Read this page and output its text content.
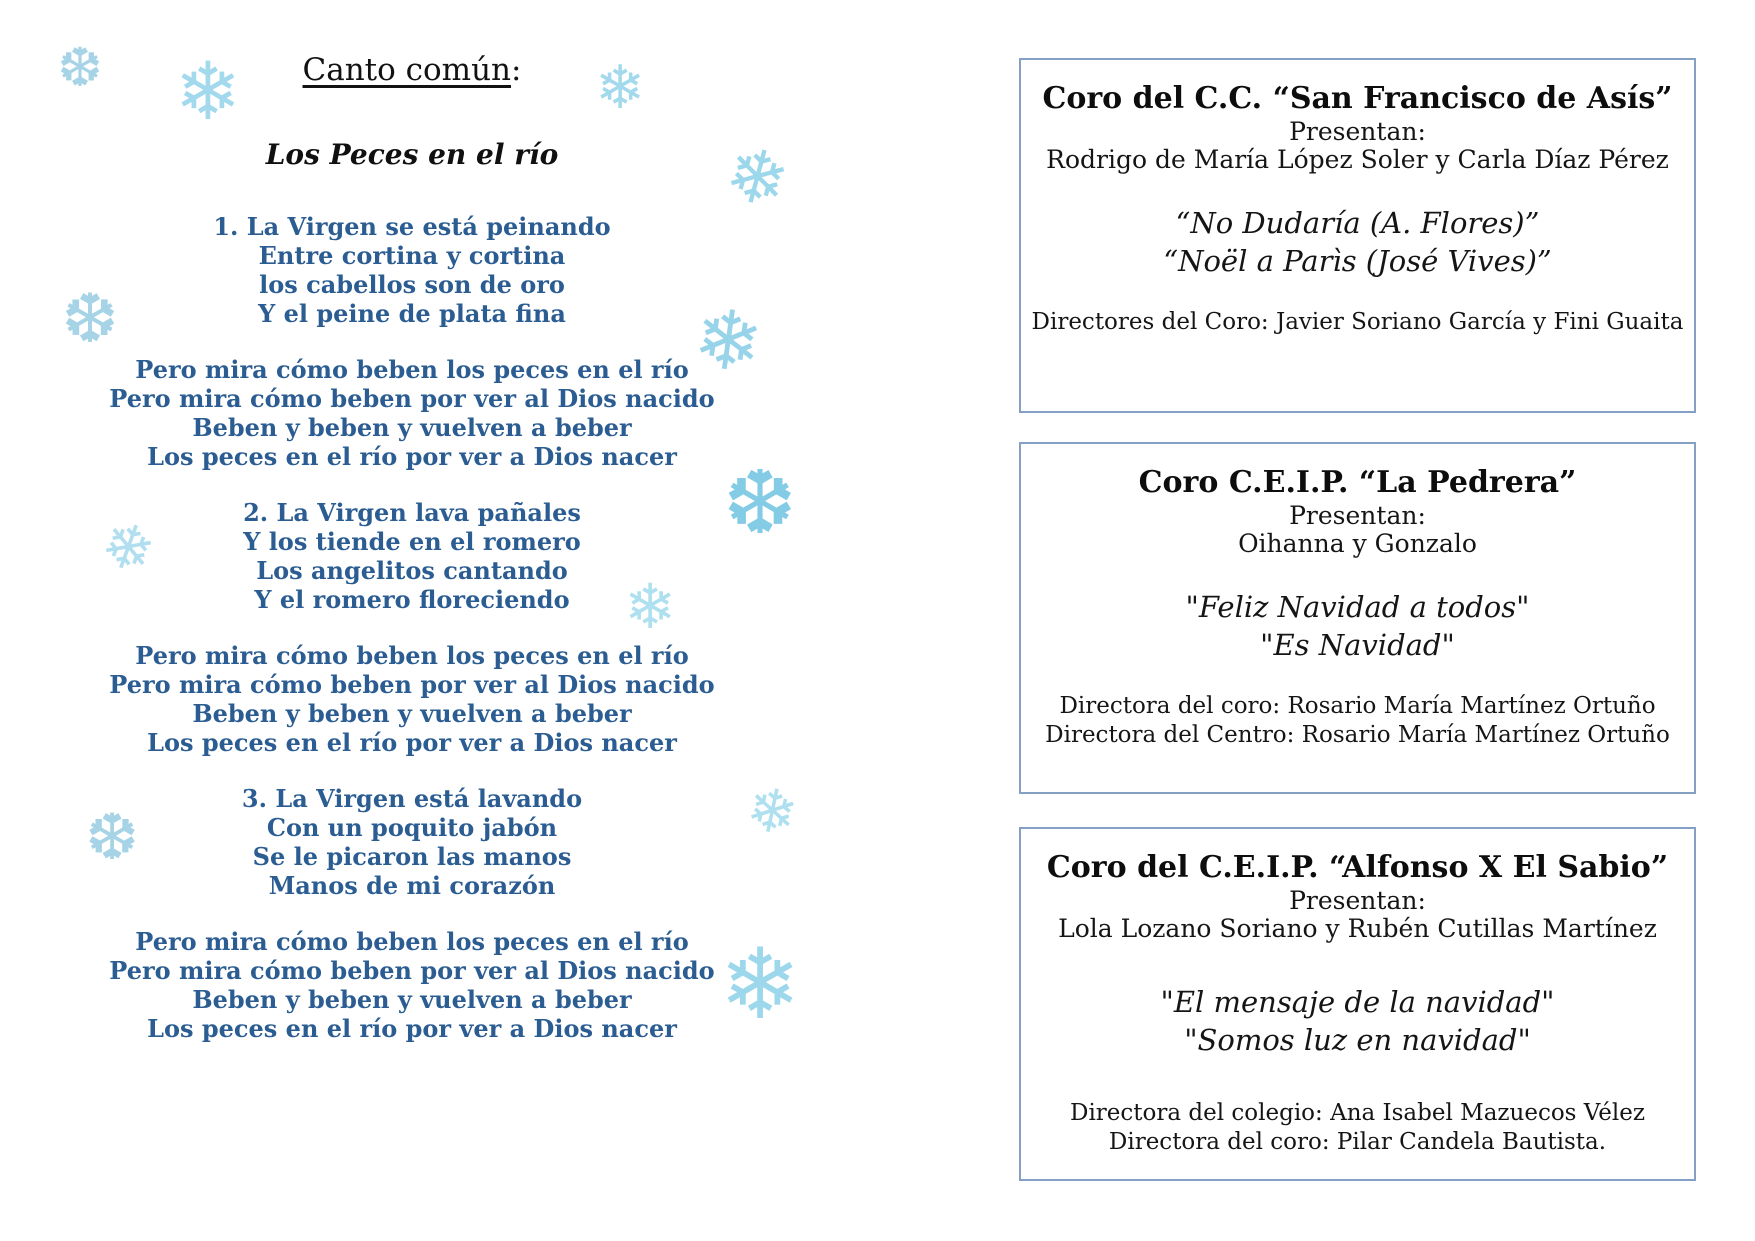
❆ ❄	❄
❄
❆	❄
❆
❄
❄
❄
❆
❄
Canto común:
Los Peces en el río
1. La Virgen se está peinando
Entre cortina y cortina
los cabellos son de oro
Y el peine de plata fina
Pero mira cómo beben los peces en el río
Pero mira cómo beben por ver al Dios nacido
Beben y beben y vuelven a beber
Los peces en el río por ver a Dios nacer
2. La Virgen lava pañales
Y los tiende en el romero
Los angelitos cantando
Y el romero floreciendo
Pero mira cómo beben los peces en el río
Pero mira cómo beben por ver al Dios nacido
Beben y beben y vuelven a beber
Los peces en el río por ver a Dios nacer
3. La Virgen está lavando
Con un poquito jabón
Se le picaron las manos
Manos de mi corazón
Pero mira cómo beben los peces en el río
Pero mira cómo beben por ver al Dios nacido
Beben y beben y vuelven a beber
Los peces en el río por ver a Dios nacer
Coro del C.C. “San Francisco de Asís”
Presentan:
Rodrigo de María López Soler y Carla Díaz Pérez
“No Dudaría (A. Flores)”
“Noël a Parìs (José Vives)”
Directores del Coro: Javier Soriano García y Fini Guaita
Coro C.E.I.P. “La Pedrera”
Presentan:
Oihanna y Gonzalo
"Feliz Navidad a todos"
"Es Navidad"
Directora del coro: Rosario María Martínez Ortuño
Directora del Centro: Rosario María Martínez Ortuño
Coro del C.E.I.P. “Alfonso X El Sabio”
Presentan:
Lola Lozano Soriano y Rubén Cutillas Martínez
"El mensaje de la navidad"
"Somos luz en navidad"
Directora del colegio: Ana Isabel Mazuecos Vélez
Directora del coro: Pilar Candela Bautista.
